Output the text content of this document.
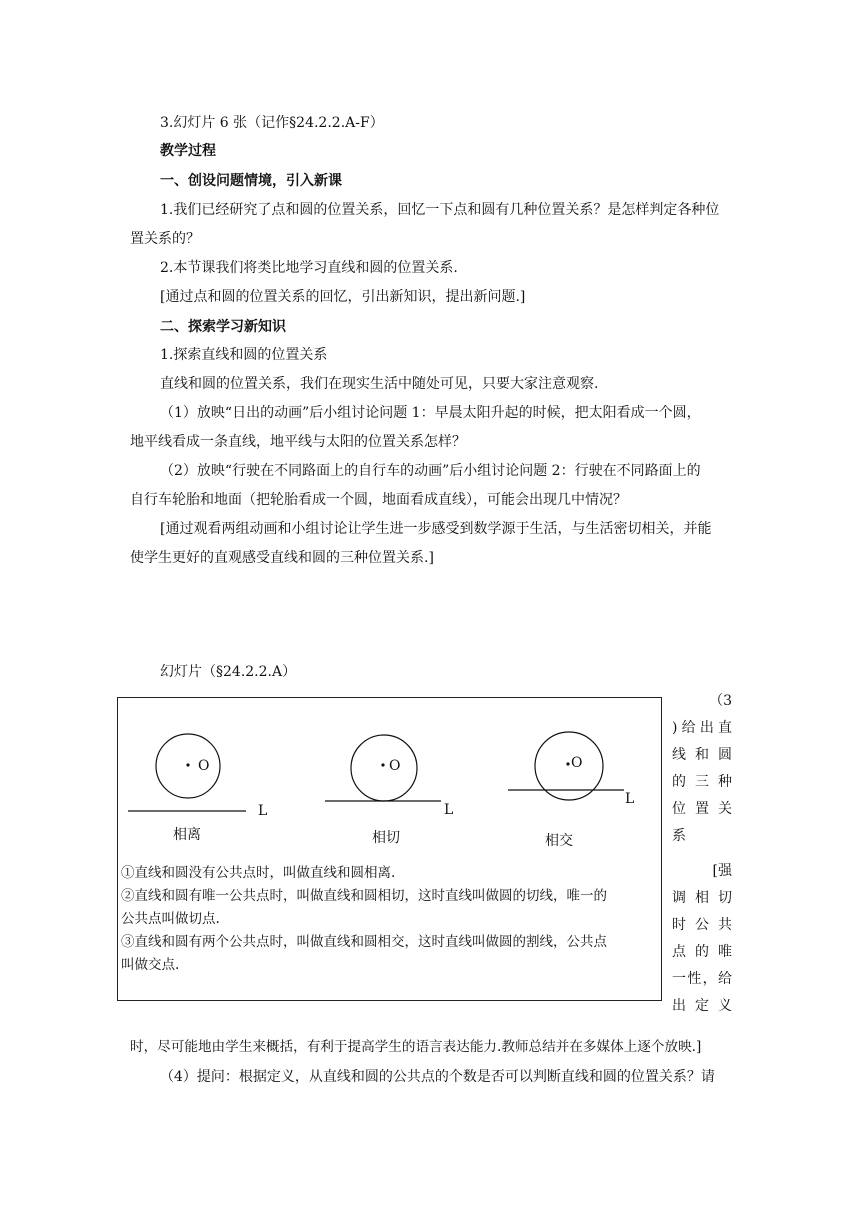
3.幻灯片 6 张（记作§24.2.2.A-F）
教学过程
一、创设问题情境，引入新课
1.我们已经研究了点和圆的位置关系，回忆一下点和圆有几种位置关系？是怎样判定各种位
置关系的？
2.本节课我们将类比地学习直线和圆的位置关系.
[通过点和圆的位置关系的回忆，引出新知识，提出新问题.]
二、探索学习新知识
1.探索直线和圆的位置关系
直线和圆的位置关系，我们在现实生活中随处可见，只要大家注意观察.
（1）放映“日出的动画”后小组讨论问题 1：早晨太阳升起的时候，把太阳看成一个圆，
地平线看成一条直线，地平线与太阳的位置关系怎样？
（2）放映“行驶在不同路面上的自行车的动画”后小组讨论问题 2：行驶在不同路面上的
自行车轮胎和地面（把轮胎看成一个圆，地面看成直线），可能会出现几中情况？
[通过观看两组动画和小组讨论让学生进一步感受到数学源于生活，与生活密切相关，并能
使学生更好的直观感受直线和圆的三种位置关系.]
幻灯片（§24.2.2.A）
O
L
相离
O
L
相切
O
L
相交
①直线和圆没有公共点时，叫做直线和圆相离.
②直线和圆有唯一公共点时，叫做直线和圆相切，这时直线叫做圆的切线，唯一的
公共点叫做切点.
③直线和圆有两个公共点时，叫做直线和圆相交，这时直线叫做圆的割线，公共点
叫做交点.
（3
)给出直
线和圆
的三种
位置关
系
[强
调相切
时公共
点的唯
一性，给
出定义
时，尽可能地由学生来概括，有利于提高学生的语言表达能力.教师总结并在多媒体上逐个放映.]
（4）提问：根据定义，从直线和圆的公共点的个数是否可以判断直线和圆的位置关系？请
